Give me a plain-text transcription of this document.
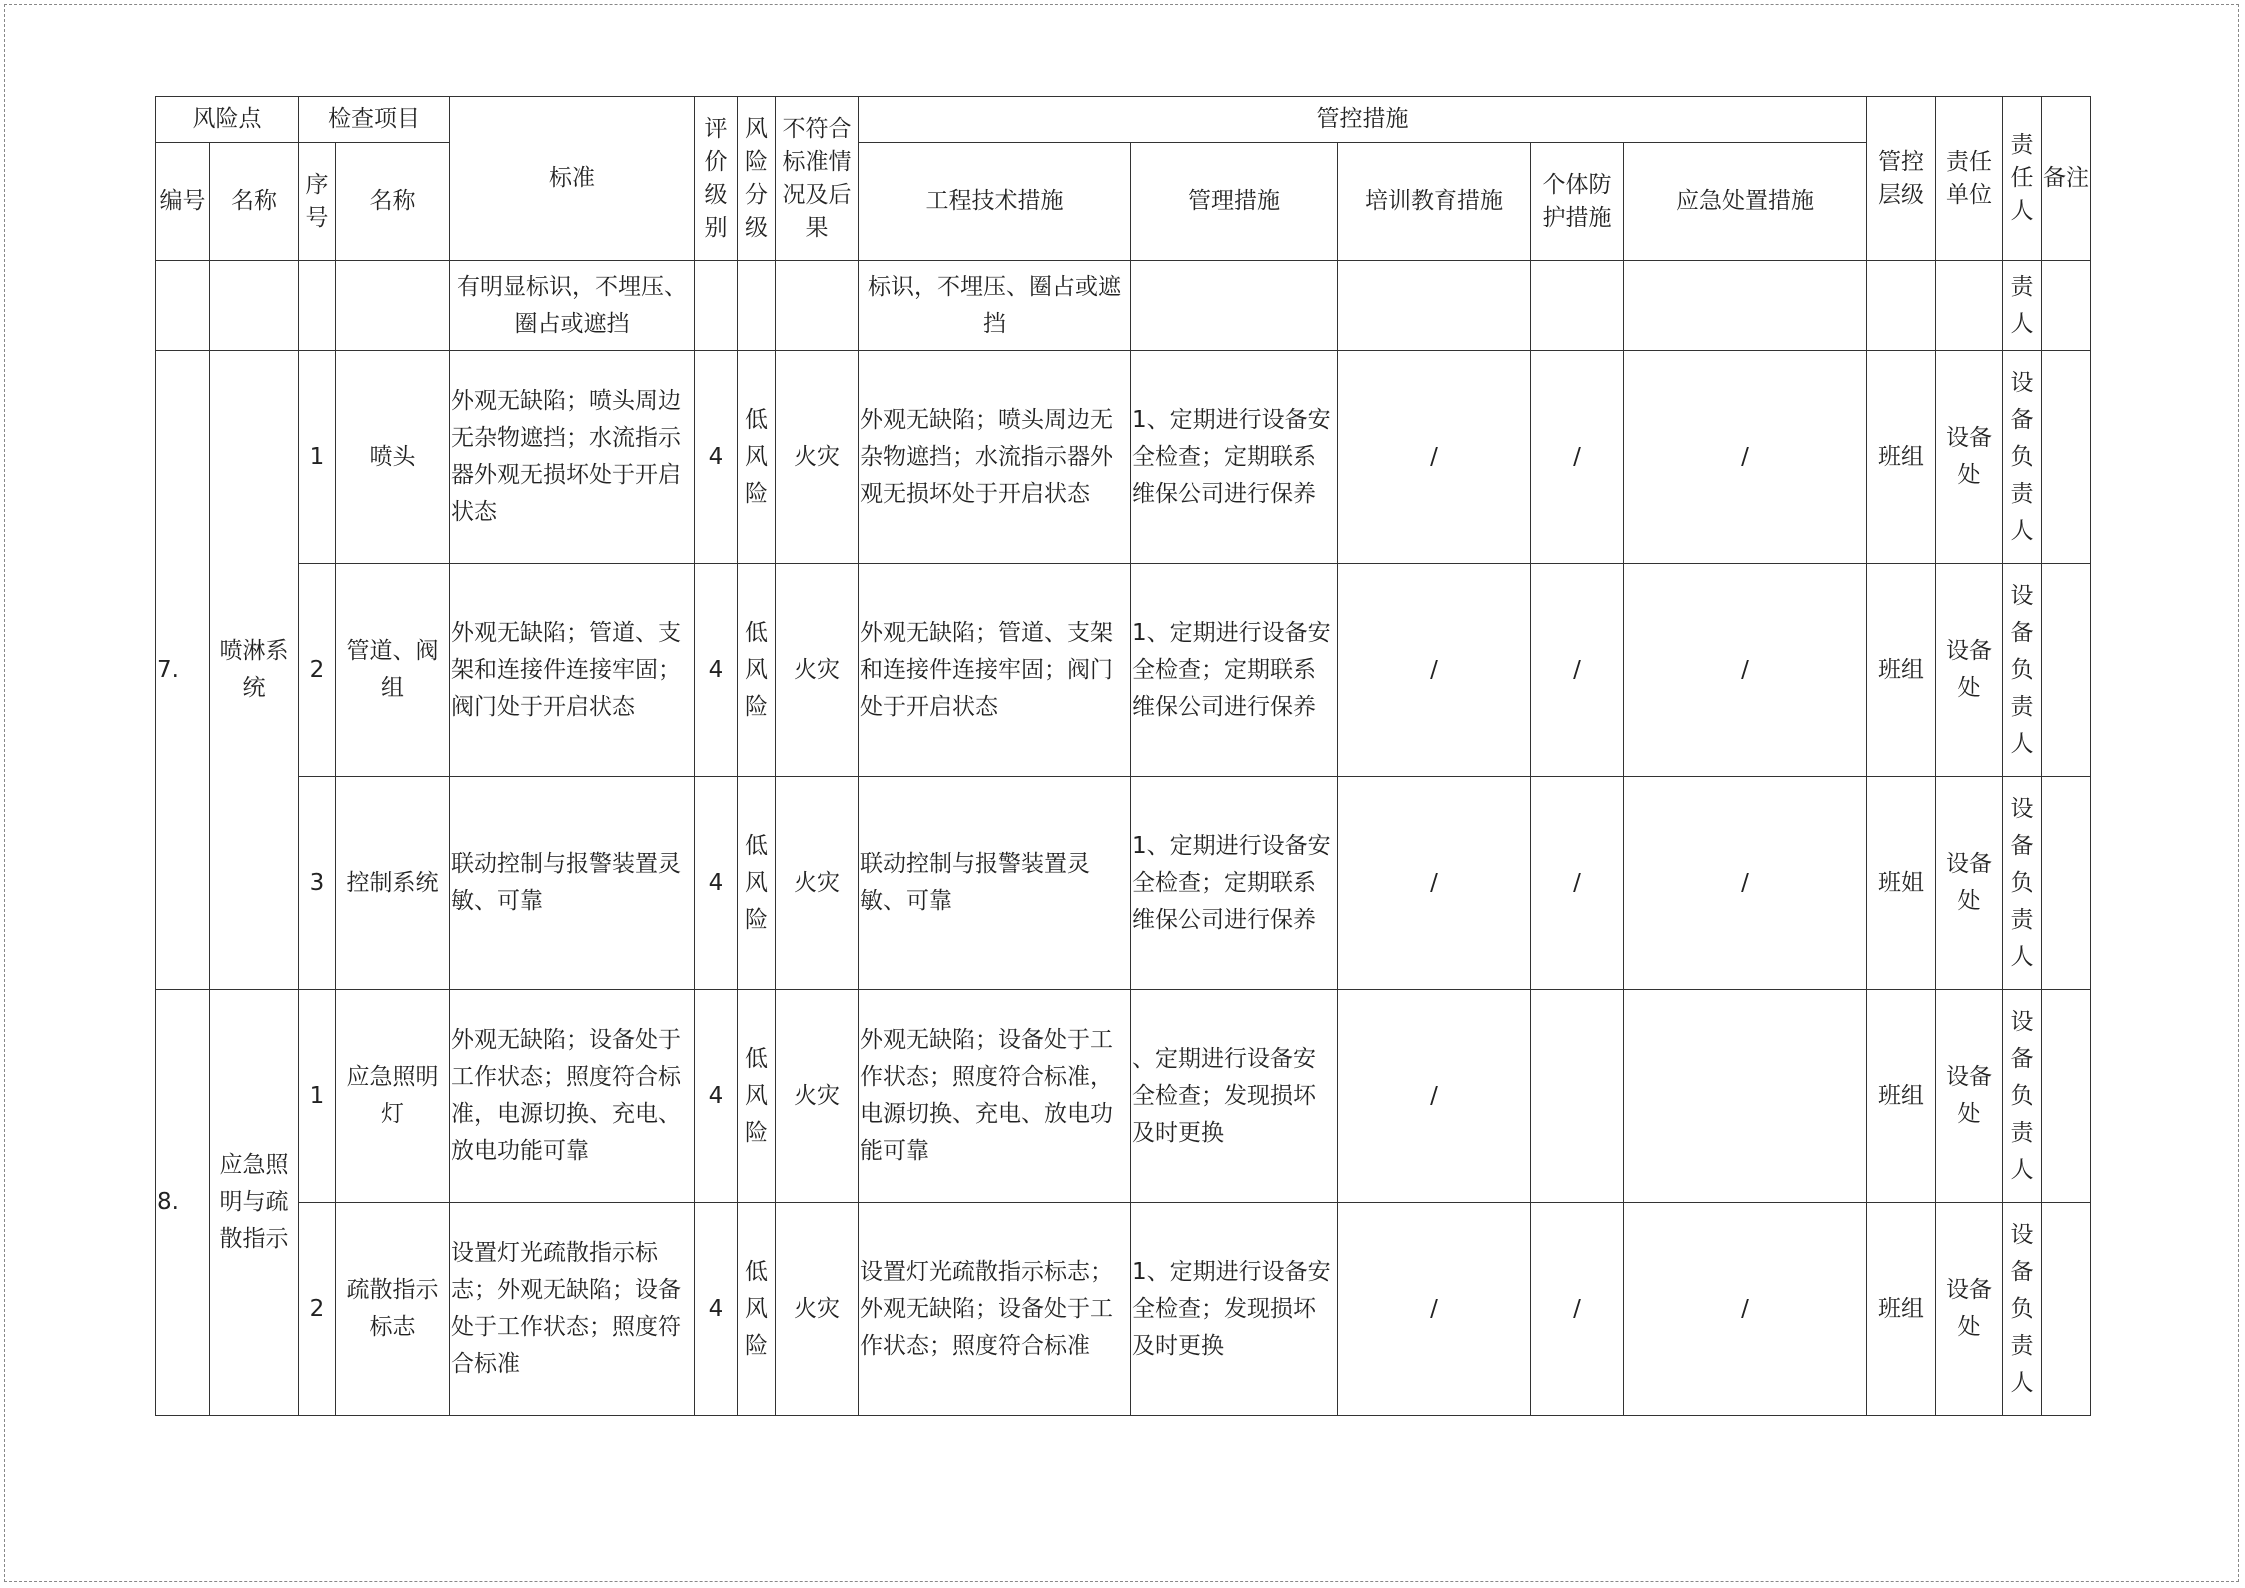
风险点		检查项目		标准	评价级别	风险分级	不符合标准情况及后果	管控措施					管控层级	责任单位	责任人	备注
编号	名称	序号	名称					工程技术措施	管理措施	培训教育措施	个体防护措施	应急处置措施				
				有明显标识，不埋压、圈占或遮挡				标识，不埋压、圈占或遮挡							责人	
7.	喷淋系统	1	喷头	外观无缺陷；喷头周边无杂物遮挡；水流指示器外观无损坏处于开启状态	4	低风险	火灾	外观无缺陷；喷头周边无杂物遮挡；水流指示器外观无损坏处于开启状态	1、定期进行设备安全检查；定期联系维保公司进行保养	/	/	/	班组	设备处	设备负责人	
		2	管道、阀组	外观无缺陷；管道、支架和连接件连接牢固；阀门处于开启状态	4	低风险	火灾	外观无缺陷；管道、支架和连接件连接牢固；阀门处于开启状态	1、定期进行设备安全检查；定期联系维保公司进行保养	/	/	/	班组	设备处	设备负责人	
		3	控制系统	联动控制与报警装置灵敏、可靠	4	低风险	火灾	联动控制与报警装置灵敏、可靠	1、定期进行设备安全检查；定期联系维保公司进行保养	/	/	/	班姐	设备处	设备负责人	
8.	应急照明与疏散指示	1	应急照明灯	外观无缺陷；设备处于工作状态；照度符合标准，电源切换、充电、放电功能可靠	4	低风险	火灾	外观无缺陷；设备处于工作状态；照度符合标准，电源切换、充电、放电功能可靠	、定期进行设备安全检查；发现损坏及时更换	/			班组	设备处	设备负责人	
		2	疏散指示标志	设置灯光疏散指示标志；外观无缺陷；设备处于工作状态；照度符合标准	4	低风险	火灾	设置灯光疏散指示标志；外观无缺陷；设备处于工作状态；照度符合标准	1、定期进行设备安全检查；发现损坏及时更换	/	/	/	班组	设备处	设备负责人	
